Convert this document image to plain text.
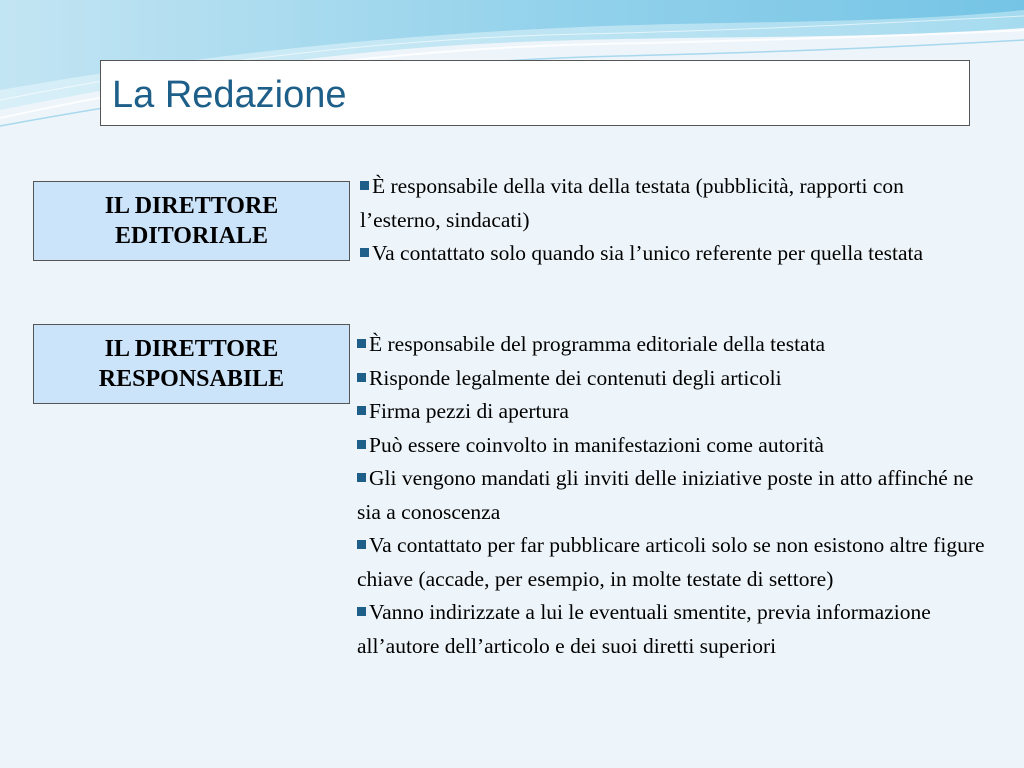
La Redazione
IL DIRETTORE
EDITORIALE
È responsabile della vita della testata (pubblicità, rapporti con l’esterno, sindacati)
Va contattato solo quando sia l’unico referente per quella testata
IL DIRETTORE
RESPONSABILE
È responsabile del programma editoriale della testata
Risponde legalmente dei contenuti degli articoli
Firma pezzi di apertura
Può essere coinvolto in manifestazioni come autorità
Gli vengono mandati gli inviti delle iniziative poste in atto affinché ne sia a conoscenza
Va contattato per far pubblicare articoli solo se non esistono altre figure chiave (accade, per esempio, in molte testate di settore)
Vanno indirizzate a lui le eventuali smentite, previa informazione all’autore dell’articolo e dei suoi diretti superiori
